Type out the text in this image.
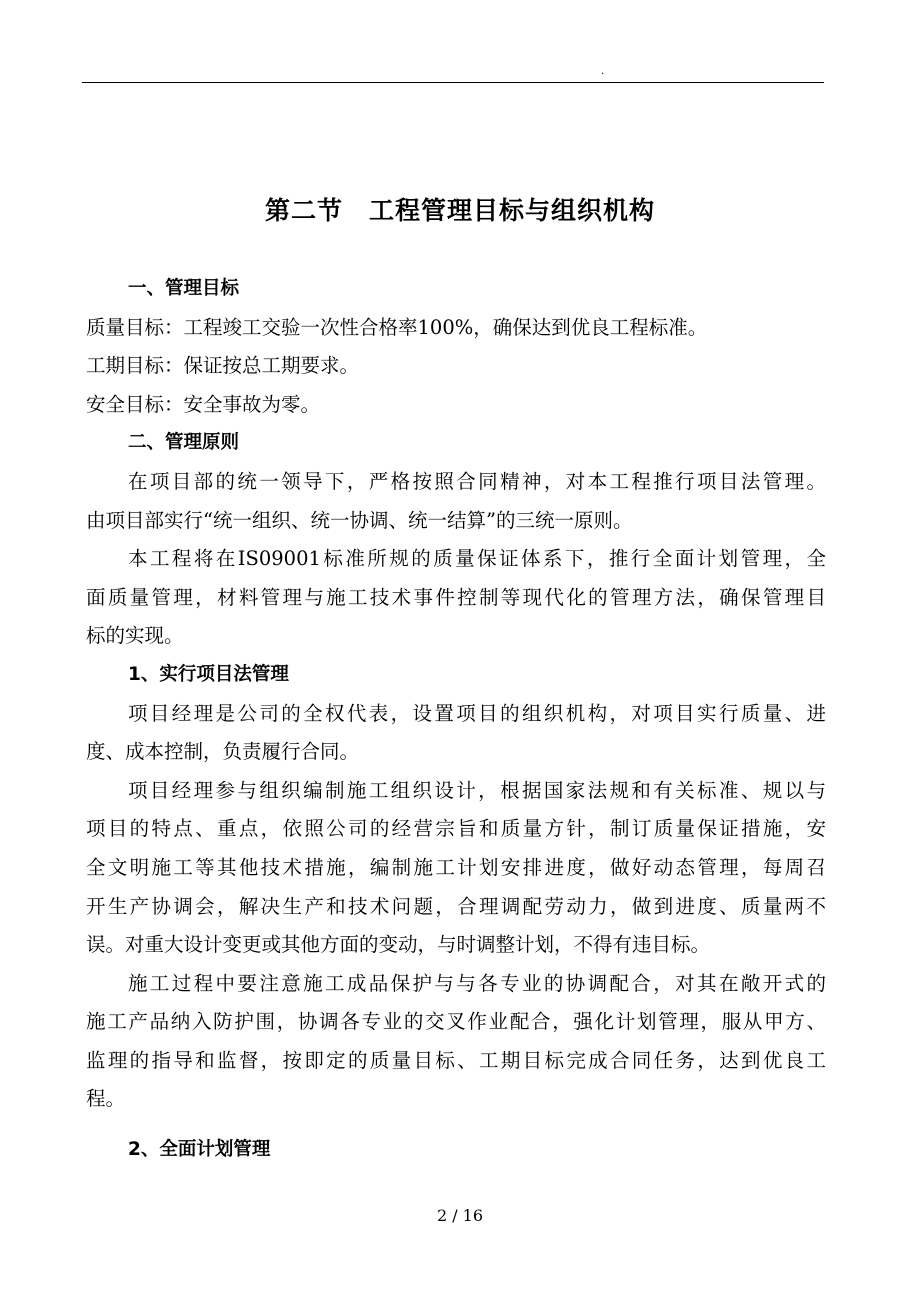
.
第二节　工程管理目标与组织机构
一、管理目标
质量目标：工程竣工交验一次性合格率100%，确保达到优良工程标准。
工期目标：保证按总工期要求。
安全目标：安全事故为零。
二、管理原则
在项目部的统一领导下，严格按照合同精神，对本工程推行项目法管理。
由项目部实行“统一组织、统一协调、统一结算”的三统一原则。
本工程将在IS09001标准所规的质量保证体系下，推行全面计划管理，全
面质量管理，材料管理与施工技术事件控制等现代化的管理方法，确保管理目
标的实现。
1、实行项目法管理
项目经理是公司的全权代表，设置项目的组织机构，对项目实行质量、进
度、成本控制，负责履行合同。
项目经理参与组织编制施工组织设计，根据国家法规和有关标准、规以与
项目的特点、重点，依照公司的经营宗旨和质量方针，制订质量保证措施，安
全文明施工等其他技术措施，编制施工计划安排进度，做好动态管理，每周召
开生产协调会，解决生产和技术问题，合理调配劳动力，做到进度、质量两不
误。对重大设计变更或其他方面的变动，与时调整计划，不得有违目标。
施工过程中要注意施工成品保护与与各专业的协调配合，对其在敞开式的
施工产品纳入防护围，协调各专业的交叉作业配合，强化计划管理，服从甲方、
监理的指导和监督，按即定的质量目标、工期目标完成合同任务，达到优良工
程。
2、全面计划管理
2 / 16
